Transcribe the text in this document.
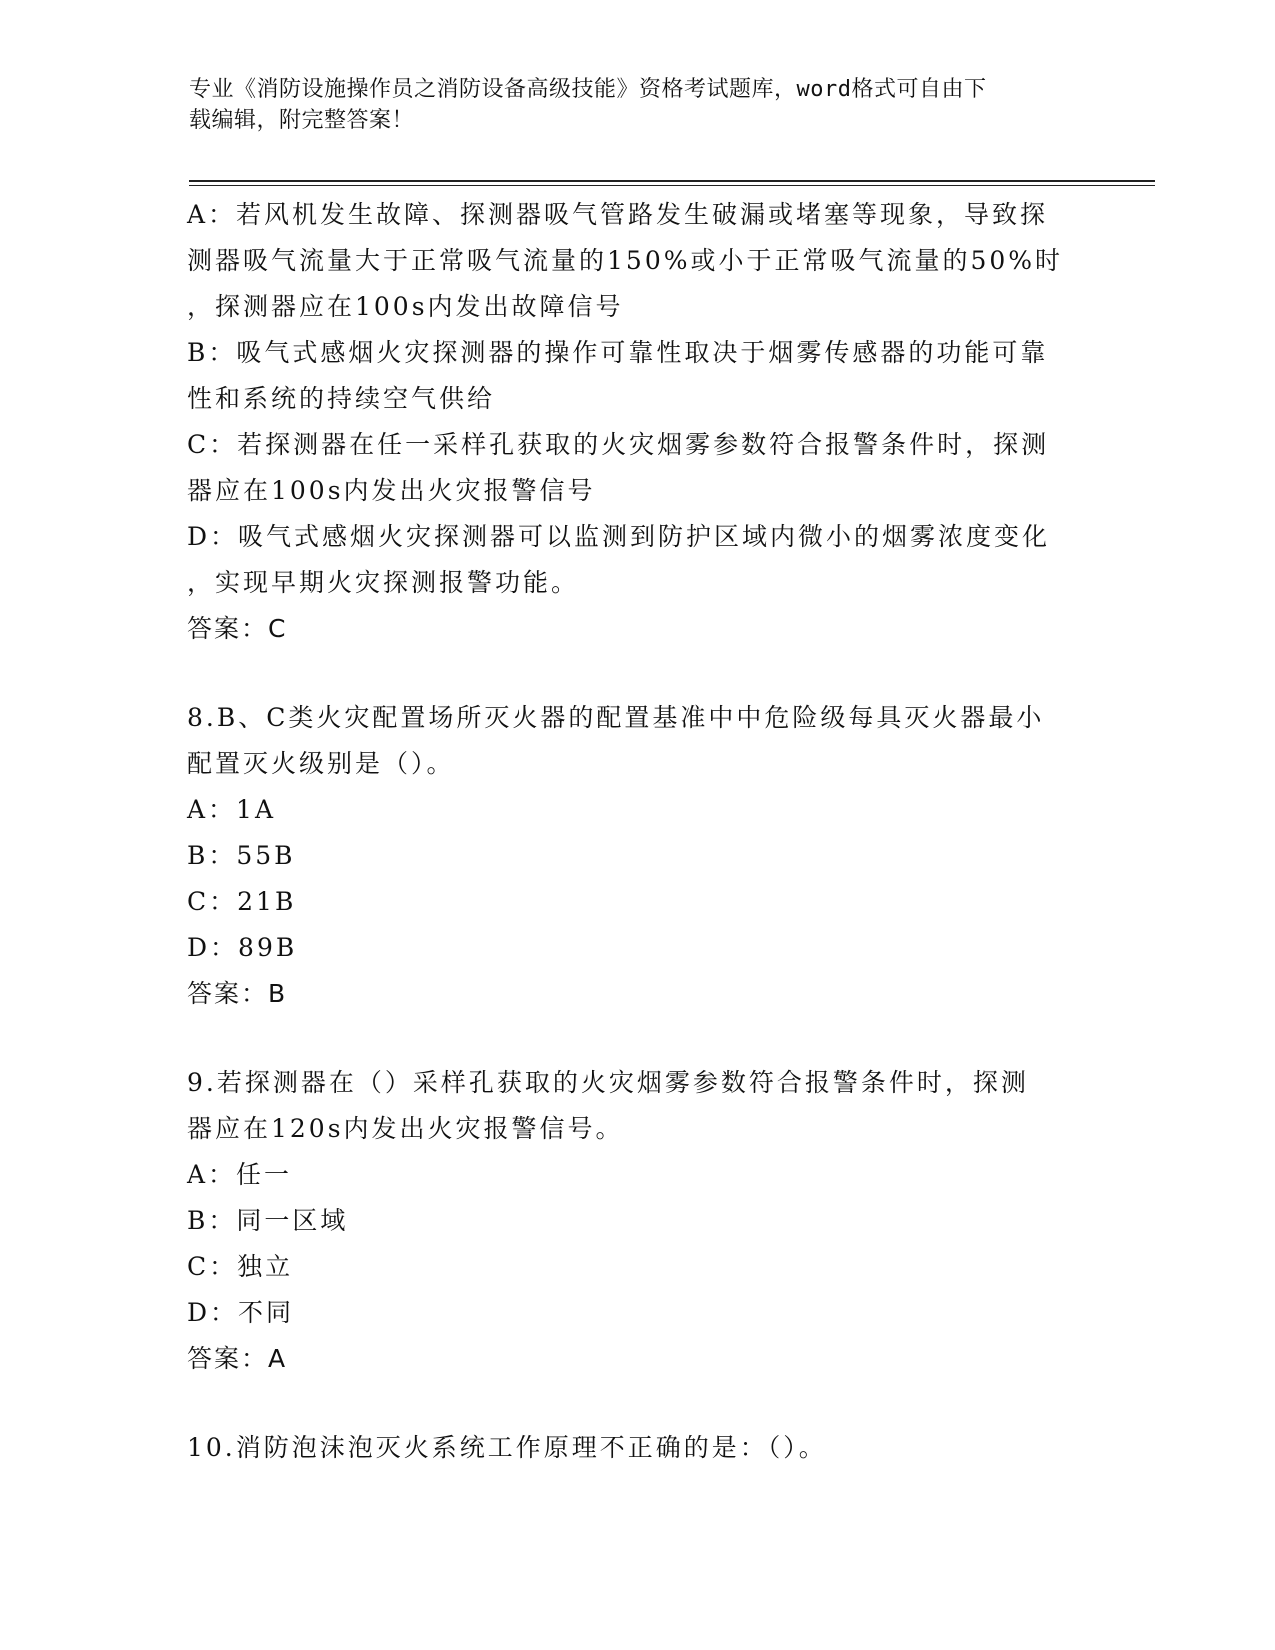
专业《消防设施操作员之消防设备高级技能》资格考试题库，word格式可自由下
载编辑，附完整答案！
A：若风机发生故障、探测器吸气管路发生破漏或堵塞等现象，导致探
测器吸气流量大于正常吸气流量的150%或小于正常吸气流量的50%时
，探测器应在100s内发出故障信号
B：吸气式感烟火灾探测器的操作可靠性取决于烟雾传感器的功能可靠
性和系统的持续空气供给
C：若探测器在任一采样孔获取的火灾烟雾参数符合报警条件时，探测
器应在100s内发出火灾报警信号
D：吸气式感烟火灾探测器可以监测到防护区域内微小的烟雾浓度变化
，实现早期火灾探测报警功能。
答案：C
8.B、C类火灾配置场所灭火器的配置基准中中危险级每具灭火器最小
配置灭火级别是（）。
A：1A
B：55B
C：21B
D：89B
答案：B
9.若探测器在（）采样孔获取的火灾烟雾参数符合报警条件时，探测
器应在120s内发出火灾报警信号。
A：任一
B：同一区域
C：独立
D：不同
答案：A
10.消防泡沫泡灭火系统工作原理不正确的是：（）。
